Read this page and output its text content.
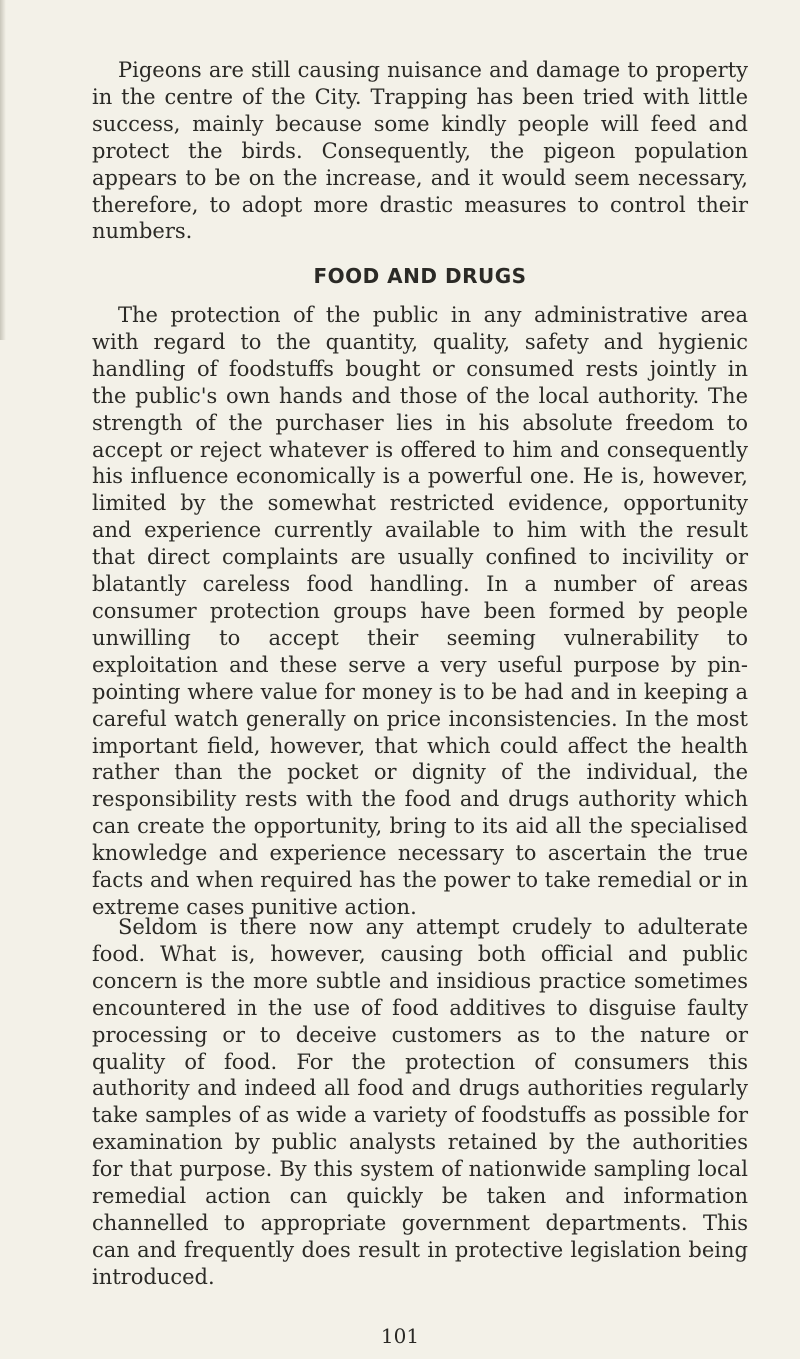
Pigeons are still causing nuisance and damage to property in the centre of the City. Trapping has been tried with little success, mainly because some kindly people will feed and protect the birds. Consequently, the pigeon population appears to be on the increase, and it would seem necessary, therefore, to adopt more drastic measures to control their numbers.

FOOD AND DRUGS

The protection of the public in any administrative area with regard to the quantity, quality, safety and hygienic handling of foodstuffs bought or consumed rests jointly in the public's own hands and those of the local authority. The strength of the purchaser lies in his absolute freedom to accept or reject whatever is offered to him and consequently his influence economically is a powerful one. He is, however, limited by the somewhat restricted evidence, opportunity and experience currently available to him with the result that direct complaints are usually confined to incivility or blatantly careless food handling. In a number of areas consumer protection groups have been formed by people unwilling to accept their seeming vulnerability to exploitation and these serve a very useful purpose by pin-pointing where value for money is to be had and in keeping a careful watch generally on price inconsistencies. In the most important field, however, that which could affect the health rather than the pocket or dignity of the individual, the responsibility rests with the food and drugs authority which can create the opportunity, bring to its aid all the specialised knowledge and experience necessary to ascertain the true facts and when required has the power to take remedial or in extreme cases punitive action.

Seldom is there now any attempt crudely to adulterate food. What is, however, causing both official and public concern is the more subtle and insidious practice sometimes encountered in the use of food additives to disguise faulty processing or to deceive customers as to the nature or quality of food. For the protection of consumers this authority and indeed all food and drugs authorities regularly take samples of as wide a variety of foodstuffs as possible for examination by public analysts retained by the authorities for that purpose. By this system of nationwide sampling local remedial action can quickly be taken and information channelled to appropriate government departments. This can and frequently does result in protective legislation being introduced.

101
